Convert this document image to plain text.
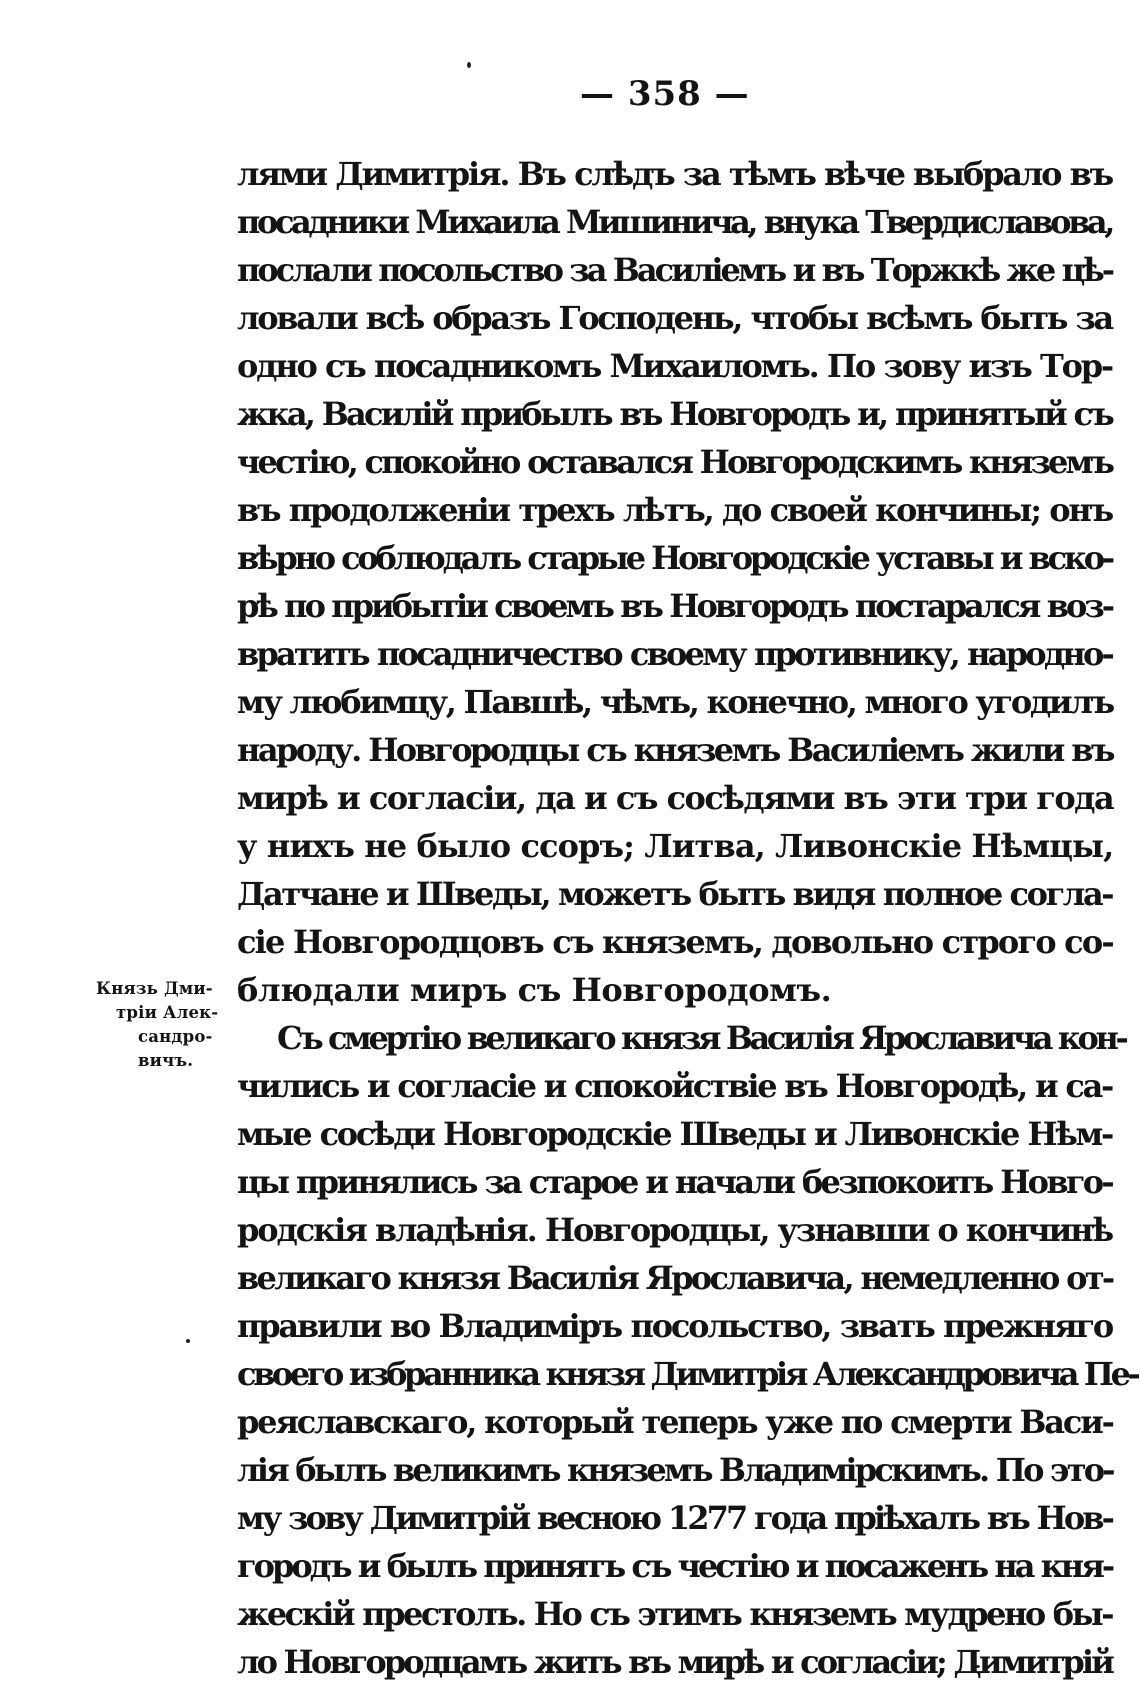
— 358 —
Князь Дми-
тріи Алек-
сандро-
вичъ.
лями Димитрія. Въ слѣдъ за тѣмъ вѣче выбрало въ
посадники Михаила Мишинича, внука Твердиславова,
послали посольство за Василіемъ и въ Торжкѣ же цѣ-
ловали всѣ образъ Господень, чтобы всѣмъ быть за
одно съ посадникомъ Михаиломъ. По зову изъ Тор-
жка, Василій прибылъ въ Новгородъ и, принятый съ
честію, спокойно оставался Новгородскимъ княземъ
въ продолженіи трехъ лѣтъ, до своей кончины; онъ
вѣрно соблюдалъ старые Новгородскіе уставы и вско-
рѣ по прибытіи своемъ въ Новгородъ постарался воз-
вратить посадничество своему противнику, народно-
му любимцу, Павшѣ, чѣмъ, конечно, много угодилъ
народу. Новгородцы съ княземъ Василіемъ жили въ
мирѣ и согласіи, да и съ сосѣдями въ эти три года
у нихъ не было ссоръ; Литва, Ливонскіе Нѣмцы,
Датчане и Шведы, можетъ быть видя полное согла-
сіе Новгородцовъ съ княземъ, довольно строго со-
блюдали миръ съ Новгородомъ.
Съ смертію великаго князя Василія Ярославича кон-
чились и согласіе и спокойствіе въ Новгородѣ, и са-
мые сосѣди Новгородскіе Шведы и Ливонскіе Нѣм-
цы принялись за старое и начали безпокоить Новго-
родскія владѣнія. Новгородцы, узнавши о кончинѣ
великаго князя Василія Ярославича, немедленно от-
правили во Владиміръ посольство, звать прежняго
своего избранника князя Димитрія Александровича Пе-
реяславскаго, который теперь уже по смерти Васи-
лія былъ великимъ княземъ Владимірскимъ. По это-
му зову Димитрій весною 1277 года пріѣхалъ въ Нов-
городъ и былъ принятъ съ честію и посаженъ на кня-
жескій престолъ. Но съ этимъ княземъ мудрено бы-
ло Новгородцамъ жить въ мирѣ и согласіи; Димитрій
